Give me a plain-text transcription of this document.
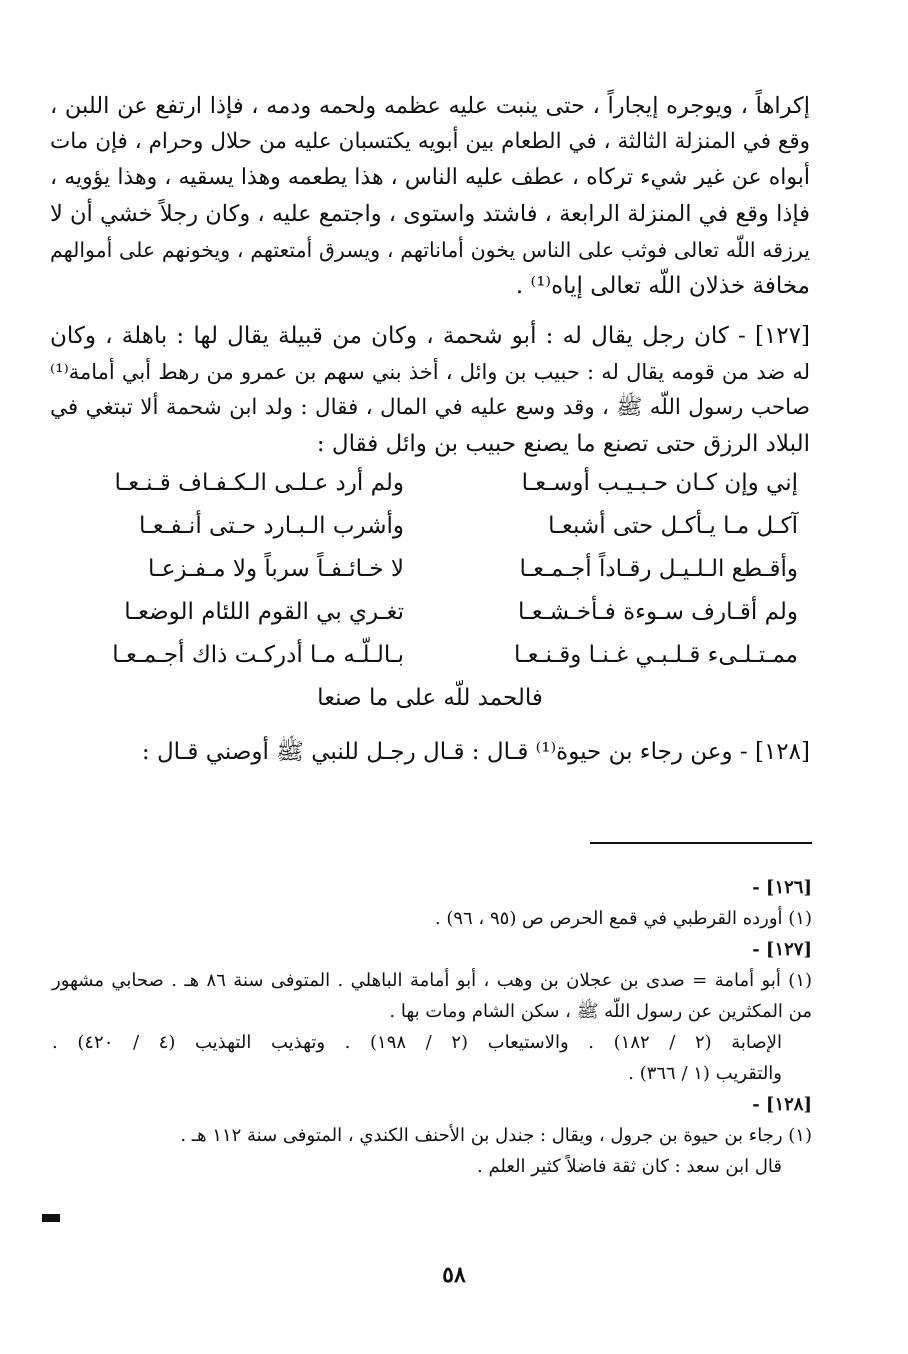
إكراهاً ، ويوجره إيجاراً ، حتى ينبت عليه عظمه ولحمه ودمه ، فإذا ارتفع عن اللبن ،
وقع في المنزلة الثالثة ، في الطعام بين أبويه يكتسبان عليه من حلال وحرام ، فإن مات
أبواه عن غير شيء تركاه ، عطف عليه الناس ، هذا يطعمه وهذا يسقيه ، وهذا يؤويه ،
فإذا وقع في المنزلة الرابعة ، فاشتد واستوى ، واجتمع عليه ، وكان رجلاً خشي أن لا
يرزقه اللّه تعالى فوثب على الناس يخون أماناتهم ، ويسرق أمتعتهم ، ويخونهم على أموالهم
مخافة خذلان اللّه تعالى إياه⁽¹⁾ .
[١٢٧] - كان رجل يقال له : أبو شحمة ، وكان من قبيلة يقال لها : باهلة ، وكان
له ضد من قومه يقال له : حبيب بن وائل ، أخذ بني سهم بن عمرو من رهط أبي أمامة⁽¹⁾
صاحب رسول اللّه ﷺ ، وقد وسع عليه في المال ، فقال : ولد ابن شحمة ألا تبتغي في
البلاد الرزق حتى تصنع ما يصنع حبيب بن وائل فقال :
إني وإن كـان حـبـيـب أوسـعـا
ولم أرد عـلـى الـكـفـاف قـنـعـا
آكـل مـا يـأكـل حتى أشبعـا
وأشرب الـبـارد حـتى أنـفـعـا
وأقـطع الـلـيـل رقـاداً أجـمـعـا
لا خـائـفـاً سرباً ولا مـفـزعـا
ولم أقـارف سـوءة فـأخـشـعـا
تغـري بي القوم اللئام الوضعـا
ممـتـلـىء قـلـبـي غـنـا وقـنـعـا
بـالـلّـه مـا أدركـت ذاك أجـمـعـا
فالحمد للّه على ما صنعا
[١٢٨] - وعن رجاء بن حيوة⁽¹⁾ قـال : قـال رجـل للنبي ﷺ أوصني قـال :
[١٢٦] -
(١) أورده القرطبي في قمع الحرص ص (٩٥ ، ٩٦) .
[١٢٧] -
(١) أبو أمامة = صدى بن عجلان بن وهب ، أبو أمامة الباهلي . المتوفى سنة ٨٦ هـ . صحابي مشهور
من المكثرين عن رسول اللّه ﷺ ، سكن الشام ومات بها .
الإصابة (٢ / ١٨٢) . والاستيعاب (٢ / ١٩٨) . وتهذيب التهذيب (٤ / ٤٢٠) .
والتقريب (١ / ٣٦٦) .
[١٢٨] -
(١) رجاء بن حيوة بن جرول ، ويقال : جندل بن الأحنف الكندي ، المتوفى سنة ١١٢ هـ .
قال ابن سعد : كان ثقة فاضلاً كثير العلم .
٥٨
